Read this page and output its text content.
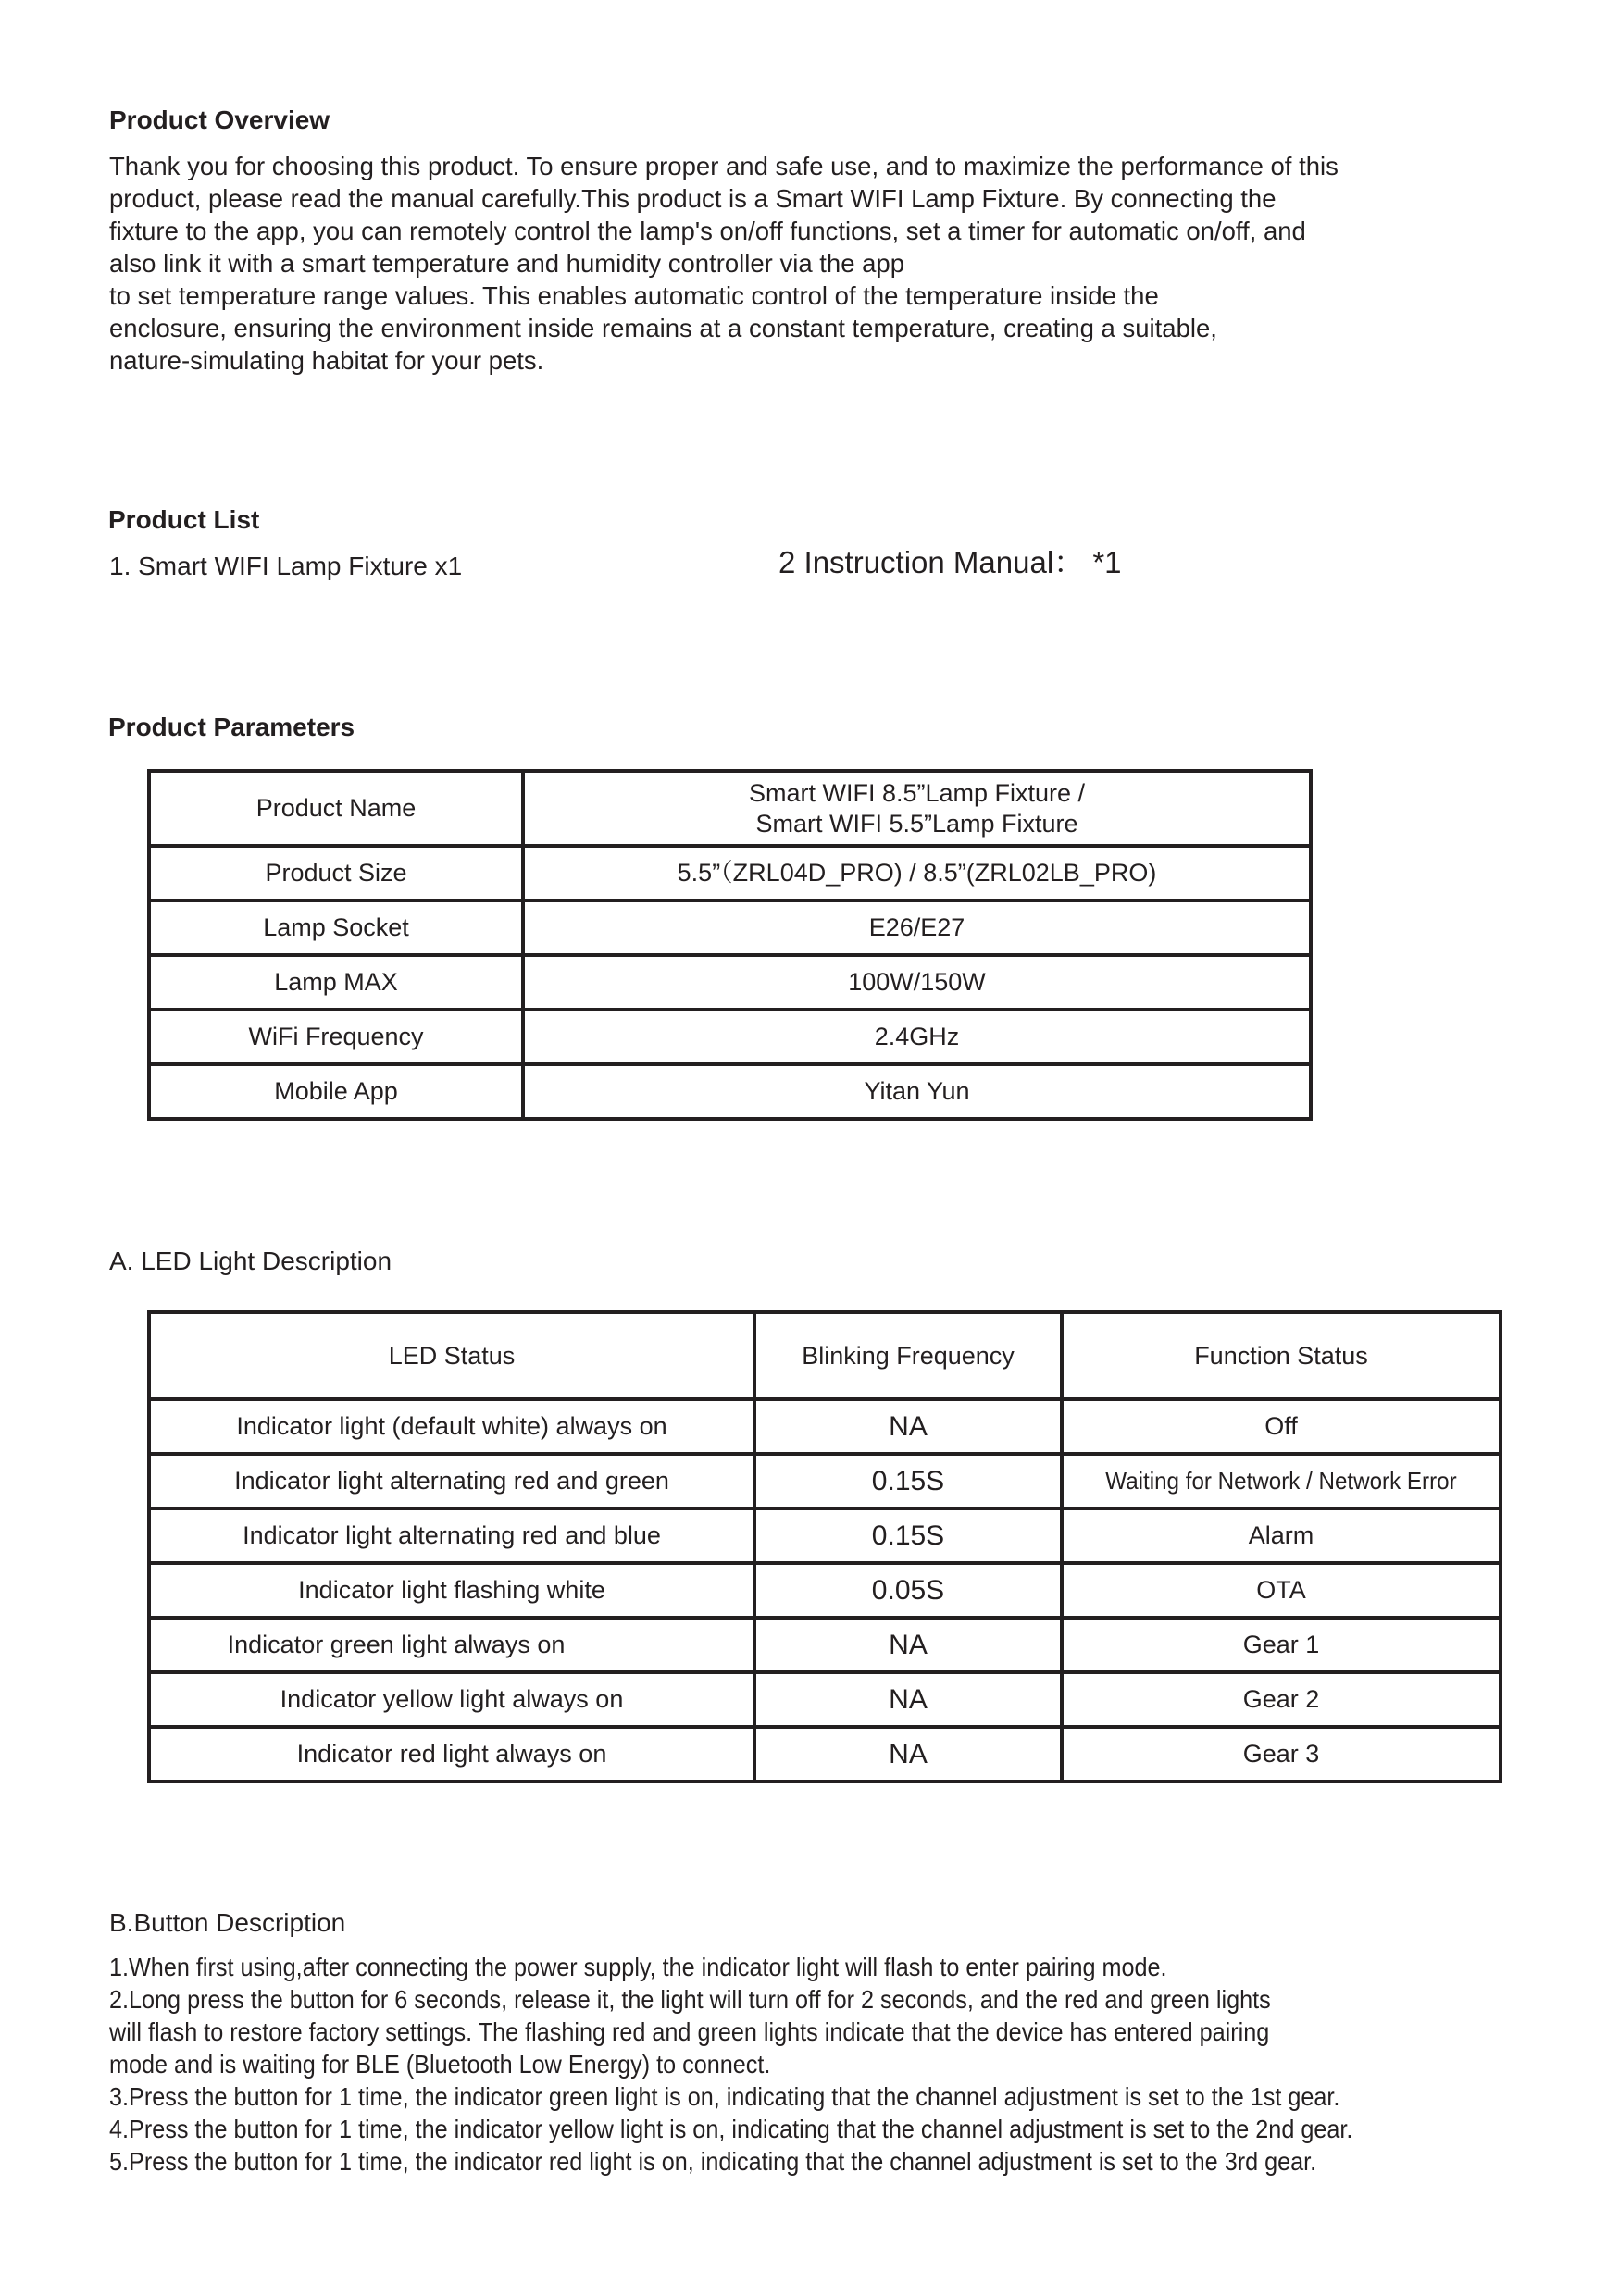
Product Overview
Thank you for choosing this product. To ensure proper and safe use, and to maximize the performance of this
product, please read the manual carefully.This product is a Smart WIFI Lamp Fixture. By connecting the
fixture to the app, you can remotely control the lamp's on/off functions, set a timer for automatic on/off, and
also link it with a smart temperature and humidity controller via the app
to set temperature range values. This enables automatic control of the temperature inside the
enclosure, ensuring the environment inside remains at a constant temperature, creating a suitable,
nature-simulating habitat for your pets.
Product List
1. Smart WIFI Lamp Fixture x1	2 Instruction Manual： *1
Product Parameters
Product Name	Smart WIFI 8.5”Lamp Fixture /
Smart WIFI 5.5”Lamp Fixture

Product Size	5.5”（ZRL04D_PRO) / 8.5”(ZRL02LB_PRO)
Lamp Socket	E26/E27
Lamp MAX	100W/150W
WiFi Frequency	2.4GHz
Mobile App	Yitan Yun
A. LED Light Description
LED Status	Blinking Frequency	Function Status
Indicator light (default white) always on	NA	Off
Indicator light alternating red and green	0.15S	Waiting for Network / Network Error
Indicator light alternating red and blue	0.15S	Alarm
Indicator light flashing white	0.05S	OTA
Indicator green light always on	NA	Gear 1
Indicator yellow light always on	NA	Gear 2
Indicator red light always on	NA	Gear 3
B.Button Description
1.When first using,after connecting the power supply, the indicator light will flash to enter pairing mode.
2.Long press the button for 6 seconds, release it, the light will turn off for 2 seconds, and the red and green lights
will flash to restore factory settings. The flashing red and green lights indicate that the device has entered pairing
mode and is waiting for BLE (Bluetooth Low Energy) to connect.
3.Press the button for 1 time, the indicator green light is on, indicating that the channel adjustment is set to the 1st gear.
4.Press the button for 1 time, the indicator yellow light is on, indicating that the channel adjustment is set to the 2nd gear.
5.Press the button for 1 time, the indicator red light is on, indicating that the channel adjustment is set to the 3rd gear.
